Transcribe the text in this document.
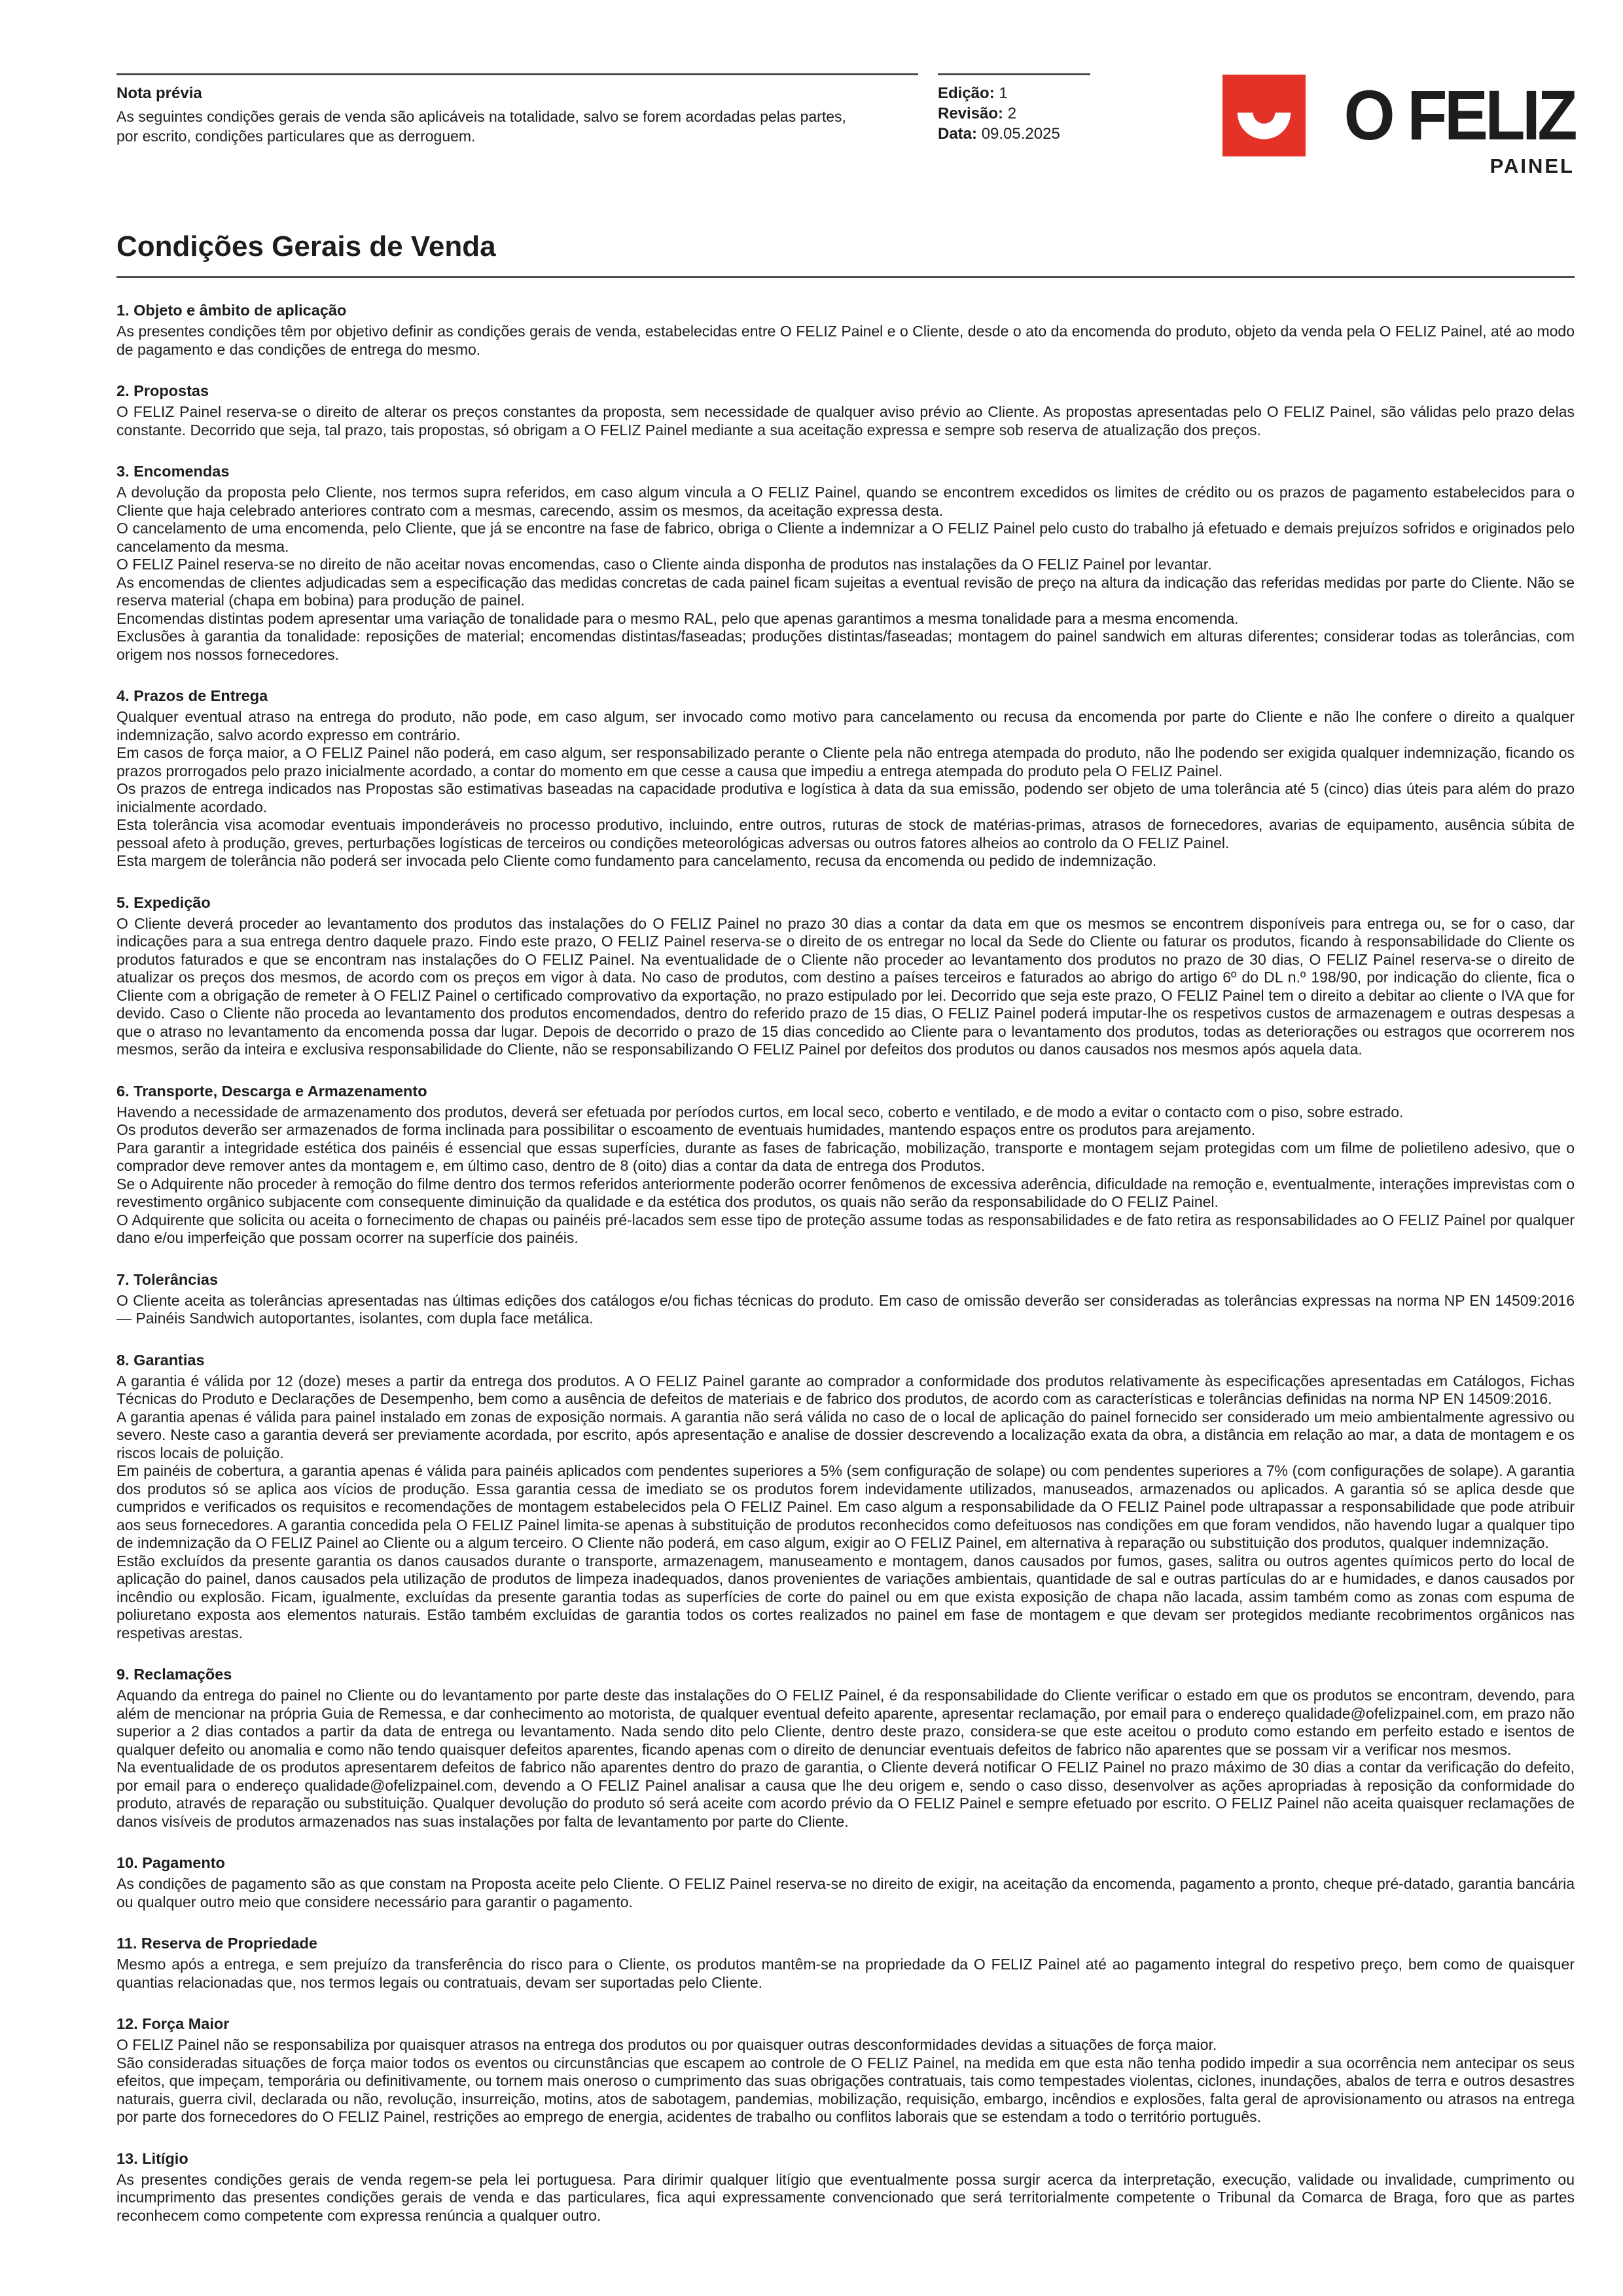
Nota prévia

As seguintes condições gerais de venda são aplicáveis na totalidade, salvo se forem acordadas pelas partes, por escrito, condições particulares que as derroguem.

Edição: 1
Revisão: 2
Data: 09.05.2025	O FELIZ
PAINEL
Condições Gerais de Venda
1. Objeto e âmbito de aplicação

As presentes condições têm por objetivo definir as condições gerais de venda, estabelecidas entre O FELIZ Painel e o Cliente, desde o ato da encomenda do produto, objeto da venda pela O FELIZ Painel, até ao modo de pagamento e das condições de entrega do mesmo.

2. Propostas

O FELIZ Painel reserva-se o direito de alterar os preços constantes da proposta, sem necessidade de qualquer aviso prévio ao Cliente. As propostas apresentadas pelo O FELIZ Painel, são válidas pelo prazo delas constante. Decorrido que seja, tal prazo, tais propostas, só obrigam a O FELIZ Painel mediante a sua aceitação expressa e sempre sob reserva de atualização dos preços.

3. Encomendas

A devolução da proposta pelo Cliente, nos termos supra referidos, em caso algum vincula a O FELIZ Painel, quando se encontrem excedidos os limites de crédito ou os prazos de pagamento estabelecidos para o Cliente que haja celebrado anteriores contrato com a mesmas, carecendo, assim os mesmos, da aceitação expressa desta.

O cancelamento de uma encomenda, pelo Cliente, que já se encontre na fase de fabrico, obriga o Cliente a indemnizar a O FELIZ Painel pelo custo do trabalho já efetuado e demais prejuízos sofridos e originados pelo cancelamento da mesma.

O FELIZ Painel reserva-se no direito de não aceitar novas encomendas, caso o Cliente ainda disponha de produtos nas instalações da O FELIZ Painel por levantar.

As encomendas de clientes adjudicadas sem a especificação das medidas concretas de cada painel ficam sujeitas a eventual revisão de preço na altura da indicação das referidas medidas por parte do Cliente. Não se reserva material (chapa em bobina) para produção de painel.

Encomendas distintas podem apresentar uma variação de tonalidade para o mesmo RAL, pelo que apenas garantimos a mesma tonalidade para a mesma encomenda.

Exclusões à garantia da tonalidade: reposições de material; encomendas distintas/faseadas; produções distintas/faseadas; montagem do painel sandwich em alturas diferentes; considerar todas as tolerâncias, com origem nos nossos fornecedores.

4. Prazos de Entrega

Qualquer eventual atraso na entrega do produto, não pode, em caso algum, ser invocado como motivo para cancelamento ou recusa da encomenda por parte do Cliente e não lhe confere o direito a qualquer indemnização, salvo acordo expresso em contrário.

Em casos de força maior, a O FELIZ Painel não poderá, em caso algum, ser responsabilizado perante o Cliente pela não entrega atempada do produto, não lhe podendo ser exigida qualquer indemnização, ficando os prazos prorrogados pelo prazo inicialmente acordado, a contar do momento em que cesse a causa que impediu a entrega atempada do produto pela O FELIZ Painel.

Os prazos de entrega indicados nas Propostas são estimativas baseadas na capacidade produtiva e logística à data da sua emissão, podendo ser objeto de uma tolerância até 5 (cinco) dias úteis para além do prazo inicialmente acordado.

Esta tolerância visa acomodar eventuais imponderáveis no processo produtivo, incluindo, entre outros, ruturas de stock de matérias-primas, atrasos de fornecedores, avarias de equipamento, ausência súbita de pessoal afeto à produção, greves, perturbações logísticas de terceiros ou condições meteorológicas adversas ou outros fatores alheios ao controlo da O FELIZ Painel.

Esta margem de tolerância não poderá ser invocada pelo Cliente como fundamento para cancelamento, recusa da encomenda ou pedido de indemnização.

5. Expedição

O Cliente deverá proceder ao levantamento dos produtos das instalações do O FELIZ Painel no prazo 30 dias a contar da data em que os mesmos se encontrem disponíveis para entrega ou, se for o caso, dar indicações para a sua entrega dentro daquele prazo. Findo este prazo, O FELIZ Painel reserva-se o direito de os entregar no local da Sede do Cliente ou faturar os produtos, ficando à responsabilidade do Cliente os produtos faturados e que se encontram nas instalações do O FELIZ Painel. Na eventualidade de o Cliente não proceder ao levantamento dos produtos no prazo de 30 dias, O FELIZ Painel reserva-se o direito de atualizar os preços dos mesmos, de acordo com os preços em vigor à data. No caso de produtos, com destino a países terceiros e faturados ao abrigo do artigo 6º do DL n.º 198/90, por indicação do cliente, fica o Cliente com a obrigação de remeter à O FELIZ Painel o certificado comprovativo da exportação, no prazo estipulado por lei. Decorrido que seja este prazo, O FELIZ Painel tem o direito a debitar ao cliente o IVA que for devido. Caso o Cliente não proceda ao levantamento dos produtos encomendados, dentro do referido prazo de 15 dias, O FELIZ Painel poderá imputar-lhe os respetivos custos de armazenagem e outras despesas a que o atraso no levantamento da encomenda possa dar lugar. Depois de decorrido o prazo de 15 dias concedido ao Cliente para o levantamento dos produtos, todas as deteriorações ou estragos que ocorrerem nos mesmos, serão da inteira e exclusiva responsabilidade do Cliente, não se responsabilizando O FELIZ Painel por defeitos dos produtos ou danos causados nos mesmos após aquela data.

6. Transporte, Descarga e Armazenamento

Havendo a necessidade de armazenamento dos produtos, deverá ser efetuada por períodos curtos, em local seco, coberto e ventilado, e de modo a evitar o contacto com o piso, sobre estrado.

Os produtos deverão ser armazenados de forma inclinada para possibilitar o escoamento de eventuais humidades, mantendo espaços entre os produtos para arejamento.

Para garantir a integridade estética dos painéis é essencial que essas superfícies, durante as fases de fabricação, mobilização, transporte e montagem sejam protegidas com um filme de polietileno adesivo, que o comprador deve remover antes da montagem e, em último caso, dentro de 8 (oito) dias a contar da data de entrega dos Produtos.

Se o Adquirente não proceder à remoção do filme dentro dos termos referidos anteriormente poderão ocorrer fenômenos de excessiva aderência, dificuldade na remoção e, eventualmente, interações imprevistas com o revestimento orgânico subjacente com consequente diminuição da qualidade e da estética dos produtos, os quais não serão da responsabilidade do O FELIZ Painel.

O Adquirente que solicita ou aceita o fornecimento de chapas ou painéis pré-lacados sem esse tipo de proteção assume todas as responsabilidades e de fato retira as responsabilidades ao O FELIZ Painel por qualquer dano e/ou imperfeição que possam ocorrer na superfície dos painéis.

7. Tolerâncias

O Cliente aceita as tolerâncias apresentadas nas últimas edições dos catálogos e/ou fichas técnicas do produto. Em caso de omissão deverão ser consideradas as tolerâncias expressas na norma NP EN 14509:2016 — Painéis Sandwich autoportantes, isolantes, com dupla face metálica.

8. Garantias

A garantia é válida por 12 (doze) meses a partir da entrega dos produtos. A O FELIZ Painel garante ao comprador a conformidade dos produtos relativamente às especificações apresentadas em Catálogos, Fichas Técnicas do Produto e Declarações de Desempenho, bem como a ausência de defeitos de materiais e de fabrico dos produtos, de acordo com as características e tolerâncias definidas na norma NP EN 14509:2016.

A garantia apenas é válida para painel instalado em zonas de exposição normais. A garantia não será válida no caso de o local de aplicação do painel fornecido ser considerado um meio ambientalmente agressivo ou severo. Neste caso a garantia deverá ser previamente acordada, por escrito, após apresentação e analise de dossier descrevendo a localização exata da obra, a distância em relação ao mar, a data de montagem e os riscos locais de poluição.

Em painéis de cobertura, a garantia apenas é válida para painéis aplicados com pendentes superiores a 5% (sem configuração de solape) ou com pendentes superiores a 7% (com configurações de solape). A garantia dos produtos só se aplica aos vícios de produção. Essa garantia cessa de imediato se os produtos forem indevidamente utilizados, manuseados, armazenados ou aplicados. A garantia só se aplica desde que cumpridos e verificados os requisitos e recomendações de montagem estabelecidos pela O FELIZ Painel. Em caso algum a responsabilidade da O FELIZ Painel pode ultrapassar a responsabilidade que pode atribuir aos seus fornecedores. A garantia concedida pela O FELIZ Painel limita-se apenas à substituição de produtos reconhecidos como defeituosos nas condições em que foram vendidos, não havendo lugar a qualquer tipo de indemnização da O FELIZ Painel ao Cliente ou a algum terceiro. O Cliente não poderá, em caso algum, exigir ao O FELIZ Painel, em alternativa à reparação ou substituição dos produtos, qualquer indemnização.

Estão excluídos da presente garantia os danos causados durante o transporte, armazenagem, manuseamento e montagem, danos causados por fumos, gases, salitra ou outros agentes químicos perto do local de aplicação do painel, danos causados pela utilização de produtos de limpeza inadequados, danos provenientes de variações ambientais, quantidade de sal e outras partículas do ar e humidades, e danos causados por incêndio ou explosão. Ficam, igualmente, excluídas da presente garantia todas as superfícies de corte do painel ou em que exista exposição de chapa não lacada, assim também como as zonas com espuma de poliuretano exposta aos elementos naturais. Estão também excluídas de garantia todos os cortes realizados no painel em fase de montagem e que devam ser protegidos mediante recobrimentos orgânicos nas respetivas arestas.

9. Reclamações

Aquando da entrega do painel no Cliente ou do levantamento por parte deste das instalações do O FELIZ Painel, é da responsabilidade do Cliente verificar o estado em que os produtos se encontram, devendo, para além de mencionar na própria Guia de Remessa, e dar conhecimento ao motorista, de qualquer eventual defeito aparente, apresentar reclamação, por email para o endereço qualidade@ofelizpainel.com, em prazo não superior a 2 dias contados a partir da data de entrega ou levantamento. Nada sendo dito pelo Cliente, dentro deste prazo, considera-se que este aceitou o produto como estando em perfeito estado e isentos de qualquer defeito ou anomalia e como não tendo quaisquer defeitos aparentes, ficando apenas com o direito de denunciar eventuais defeitos de fabrico não aparentes que se possam vir a verificar nos mesmos.

Na eventualidade de os produtos apresentarem defeitos de fabrico não aparentes dentro do prazo de garantia, o Cliente deverá notificar O FELIZ Painel no prazo máximo de 30 dias a contar da verificação do defeito, por email para o endereço qualidade@ofelizpainel.com, devendo a O FELIZ Painel analisar a causa que lhe deu origem e, sendo o caso disso, desenvolver as ações apropriadas à reposição da conformidade do produto, através de reparação ou substituição. Qualquer devolução do produto só será aceite com acordo prévio da O FELIZ Painel e sempre efetuado por escrito. O FELIZ Painel não aceita quaisquer reclamações de danos visíveis de produtos armazenados nas suas instalações por falta de levantamento por parte do Cliente.

10. Pagamento

As condições de pagamento são as que constam na Proposta aceite pelo Cliente. O FELIZ Painel reserva-se no direito de exigir, na aceitação da encomenda, pagamento a pronto, cheque pré-datado, garantia bancária ou qualquer outro meio que considere necessário para garantir o pagamento.

11. Reserva de Propriedade

Mesmo após a entrega, e sem prejuízo da transferência do risco para o Cliente, os produtos mantêm-se na propriedade da O FELIZ Painel até ao pagamento integral do respetivo preço, bem como de quaisquer quantias relacionadas que, nos termos legais ou contratuais, devam ser suportadas pelo Cliente.

12. Força Maior

O FELIZ Painel não se responsabiliza por quaisquer atrasos na entrega dos produtos ou por quaisquer outras desconformidades devidas a situações de força maior.

São consideradas situações de força maior todos os eventos ou circunstâncias que escapem ao controle de O FELIZ Painel, na medida em que esta não tenha podido impedir a sua ocorrência nem antecipar os seus efeitos, que impeçam, temporária ou definitivamente, ou tornem mais oneroso o cumprimento das suas obrigações contratuais, tais como tempestades violentas, ciclones, inundações, abalos de terra e outros desastres naturais, guerra civil, declarada ou não, revolução, insurreição, motins, atos de sabotagem, pandemias, mobilização, requisição, embargo, incêndios e explosões, falta geral de aprovisionamento ou atrasos na entrega por parte dos fornecedores do O FELIZ Painel, restrições ao emprego de energia, acidentes de trabalho ou conflitos laborais que se estendam a todo o território português.

13. Litígio

As presentes condições gerais de venda regem-se pela lei portuguesa. Para dirimir qualquer litígio que eventualmente possa surgir acerca da interpretação, execução, validade ou invalidade, cumprimento ou incumprimento das presentes condições gerais de venda e das particulares, fica aqui expressamente convencionado que será territorialmente competente o Tribunal da Comarca de Braga, foro que as partes reconhecem como competente com expressa renúncia a qualquer outro.
